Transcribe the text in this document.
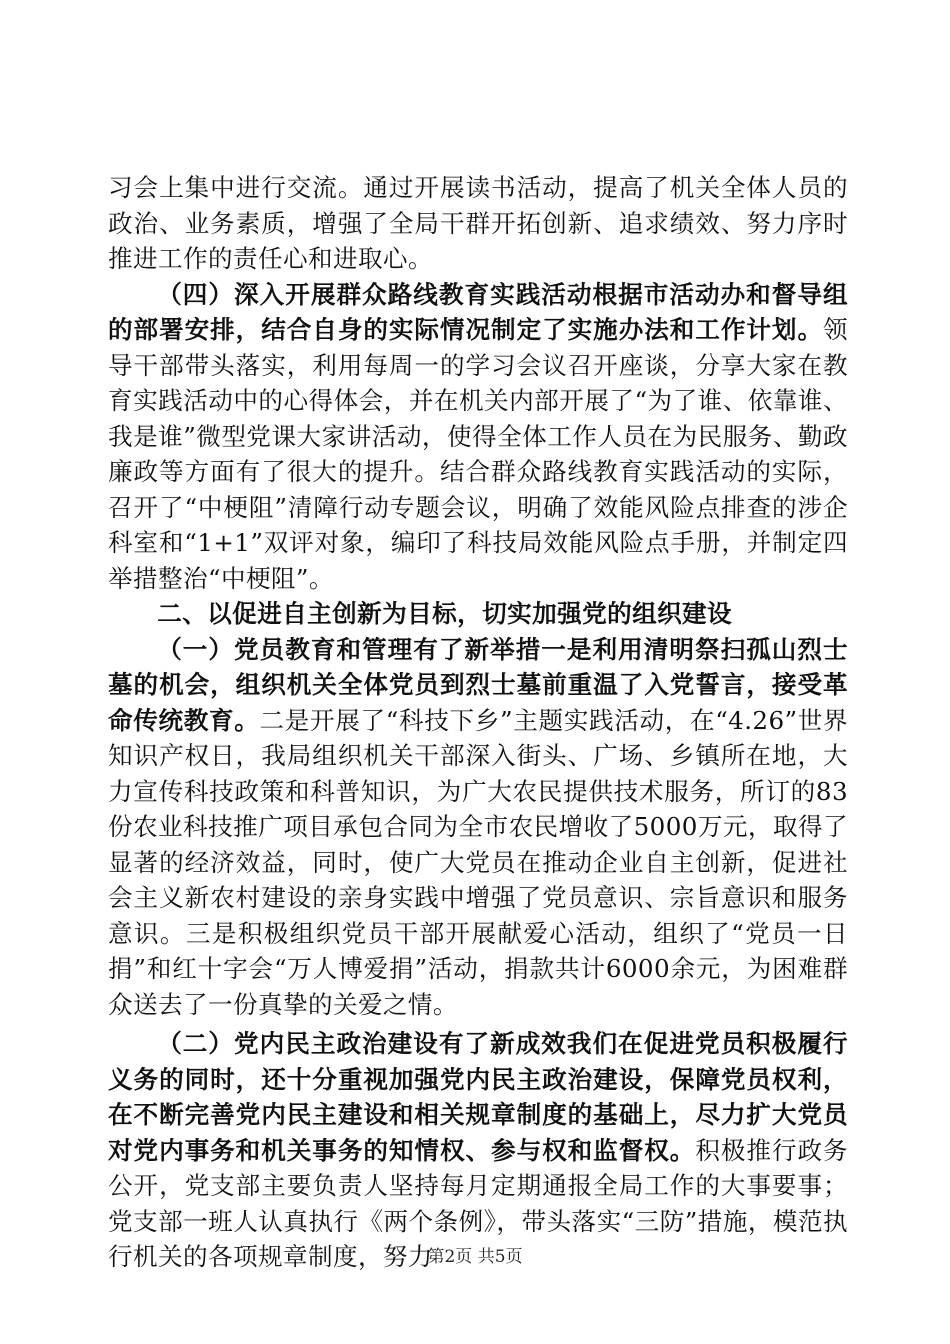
习会上集中进行交流。通过开展读书活动，提高了机关全体人员的政治、业务素质，增强了全局干群开拓创新、追求绩效、努力序时推进工作的责任心和进取心。

（四）深入开展群众路线教育实践活动根据市活动办和督导组的部署安排，结合自身的实际情况制定了实施办法和工作计划。领导干部带头落实，利用每周一的学习会议召开座谈，分享大家在教育实践活动中的心得体会，并在机关内部开展了“为了谁、依靠谁、我是谁”微型党课大家讲活动，使得全体工作人员在为民服务、勤政廉政等方面有了很大的提升。结合群众路线教育实践活动的实际，召开了“中梗阻”清障行动专题会议，明确了效能风险点排查的涉企科室和“1+1”双评对象，编印了科技局效能风险点手册，并制定四举措整治“中梗阻”。

二、以促进自主创新为目标，切实加强党的组织建设

（一）党员教育和管理有了新举措一是利用清明祭扫孤山烈士墓的机会，组织机关全体党员到烈士墓前重温了入党誓言，接受革命传统教育。二是开展了“科技下乡”主题实践活动，在“4.26”世界知识产权日，我局组织机关干部深入街头、广场、乡镇所在地，大力宣传科技政策和科普知识，为广大农民提供技术服务，所订的83份农业科技推广项目承包合同为全市农民增收了5000万元，取得了显著的经济效益，同时，使广大党员在推动企业自主创新，促进社会主义新农村建设的亲身实践中增强了党员意识、宗旨意识和服务意识。三是积极组织党员干部开展献爱心活动，组织了“党员一日捐”和红十字会“万人博爱捐”活动，捐款共计6000余元，为困难群众送去了一份真挚的关爱之情。

（二）党内民主政治建设有了新成效我们在促进党员积极履行义务的同时，还十分重视加强党内民主政治建设，保障党员权利，在不断完善党内民主建设和相关规章制度的基础上，尽力扩大党员对党内事务和机关事务的知情权、参与权和监督权。积极推行政务公开，党支部主要负责人坚持每月定期通报全局工作的大事要事；党支部一班人认真执行《两个条例》，带头落实“三防”措施，模范执行机关的各项规章制度，努力

第2页 共5页
